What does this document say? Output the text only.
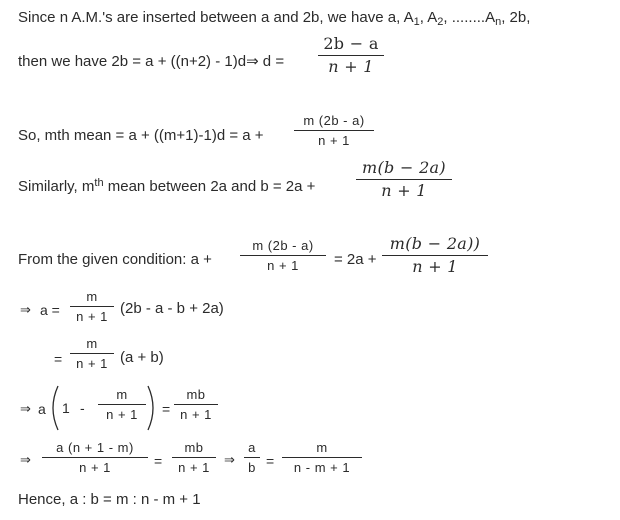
Since n A.M.'s are inserted between a and 2b, we have a, $A_1$, $A_2$, $........A_n$, 2b,
then we have 2b = a + ((n+2) - 1)d⇒ d =
2b − a
n + 1
So, mth mean = a + ((m+1)-1)d = a +
m (2b - a)
n + 1
Similarly, $m^{th}$ mean between 2a and b = 2a +
m(b − 2a)
n + 1
From the given condition: a +
m (2b - a)
n + 1	= 2a +
m(b − 2a))
n + 1
⇒ a =
m
n + 1 (2b - a - b + 2a)
=
m
n + 1 (a + b)
⇒ a 1 -
m
n + 1	=
mb
n + 1
⇒
a (n + 1 - m)
n + 1	=
mb
n + 1
⇒
a
b =
m
n - m + 1
Hence, a : b = m : n - m + 1
